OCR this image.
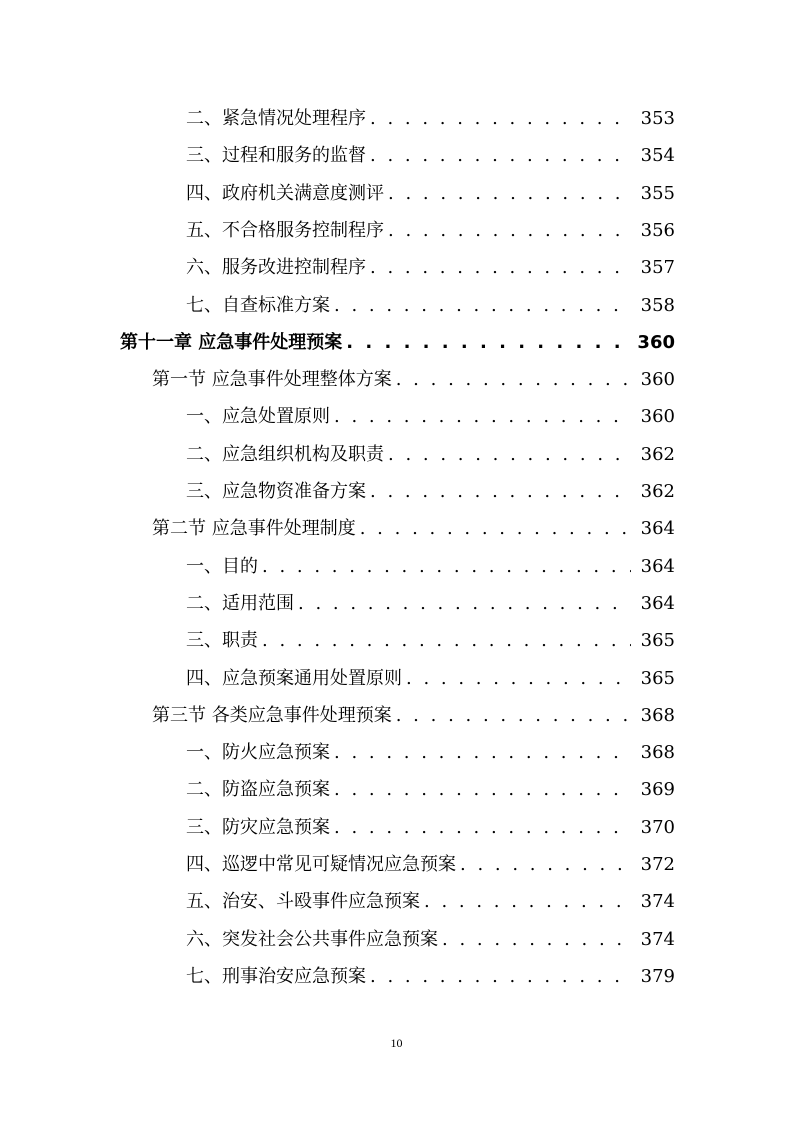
二、紧急情况处理程序 . . .	353
三、过程和服务的监督 . . .	354
四、政府机关满意度测评 . . .	355
五、不合格服务控制程序 . . .	356
六、服务改进控制程序 . . .	357
七、自查标准方案 . . .	358
第十一章 应急事件处理预案 . . .	360
第一节 应急事件处理整体方案 . . .	360
一、应急处置原则 . . .	360
二、应急组织机构及职责 . . .	362
三、应急物资准备方案 . . .	362
第二节 应急事件处理制度 . . .	364
一、目的 . . .	364
二、适用范围 . . .	364
三、职责 . . .	365
四、应急预案通用处置原则 . . .	365
第三节 各类应急事件处理预案 . . .	368
一、防火应急预案 . . .	368
二、防盗应急预案 . . .	369
三、防灾应急预案 . . .	370
四、巡逻中常见可疑情况应急预案 . . .	372
五、治安、斗殴事件应急预案 . . .	374
六、突发社会公共事件应急预案 . . .	374
七、刑事治安应急预案 . . .	379
10
